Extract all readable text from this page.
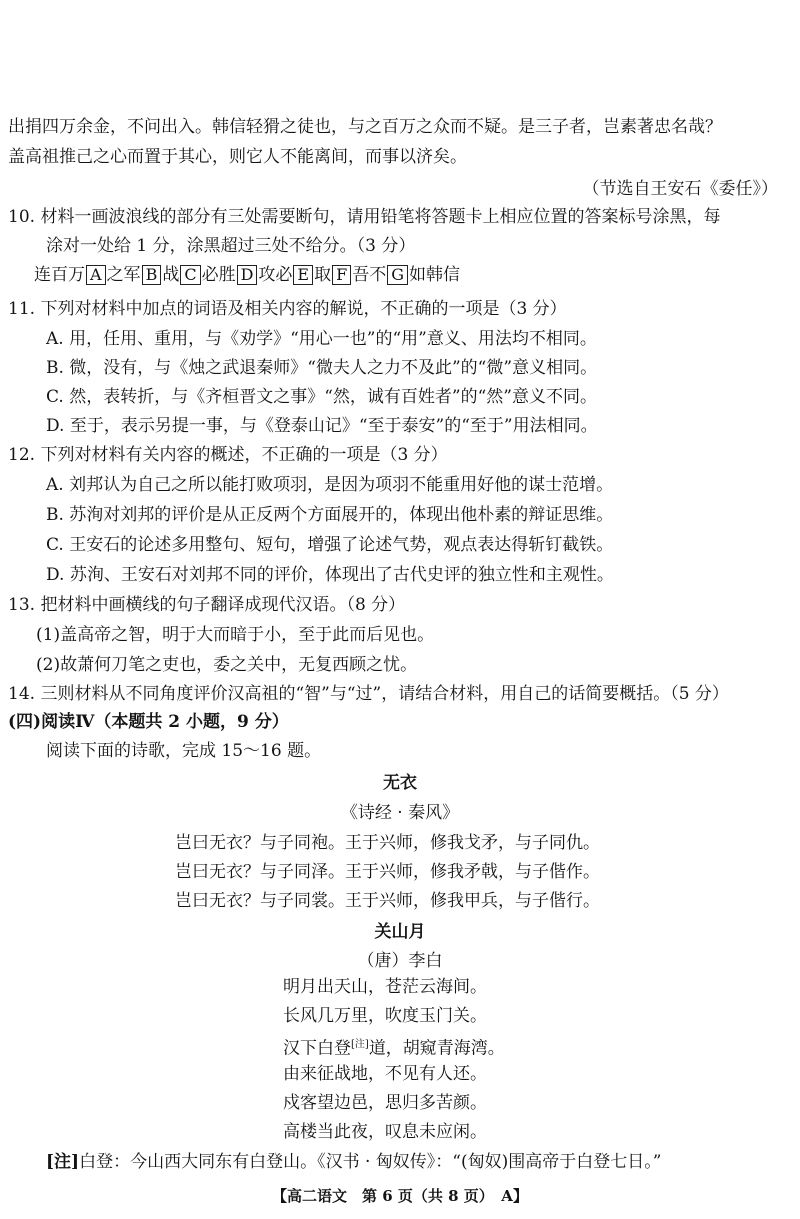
出捐四万余金，不问出入。韩信轻猾之徒也，与之百万之众而不疑。是三子者，岂素著忠名哉？
盖高祖推己之心而置于其心，则它人不能离间，而事以济矣。
（节选自王安石《委任》）
10. 材料一画波浪线的部分有三处需要断句，请用铅笔将答题卡上相应位置的答案标号涂黑，每
涂对一处给 1 分，涂黑超过三处不给分。（3 分）
连百万 A 之军 B 战 C 必胜 D 攻必 E 取 F 吾不 G 如韩信
11. 下列对材料中加点的词语及相关内容的解说，不正确的一项是（3 分）
A. 用，任用、重用，与《劝学》“用心一也”的“用”意义、用法均不相同。
B. 微，没有，与《烛之武退秦师》“微夫人之力不及此”的“微”意义相同。
C. 然，表转折，与《齐桓晋文之事》“然，诚有百姓者”的“然”意义不同。
D. 至于，表示另提一事，与《登泰山记》“至于泰安”的“至于”用法相同。
12. 下列对材料有关内容的概述，不正确的一项是（3 分）
A. 刘邦认为自己之所以能打败项羽，是因为项羽不能重用好他的谋士范增。
B. 苏洵对刘邦的评价是从正反两个方面展开的，体现出他朴素的辩证思维。
C. 王安石的论述多用整句、短句，增强了论述气势，观点表达得斩钉截铁。
D. 苏洵、王安石对刘邦不同的评价，体现出了古代史评的独立性和主观性。
13. 把材料中画横线的句子翻译成现代汉语。（8 分）
(1)盖高帝之智，明于大而暗于小，至于此而后见也。
(2)故萧何刀笔之吏也，委之关中，无复西顾之忧。
14. 三则材料从不同角度评价汉高祖的“智”与“过”，请结合材料，用自己的话简要概括。（5 分）
(四)阅读Ⅳ（本题共 2 小题，9 分）
阅读下面的诗歌，完成 15～16 题。
无衣
《诗经 · 秦风》
岂曰无衣？与子同袍。王于兴师，修我戈矛，与子同仇。
岂曰无衣？与子同泽。王于兴师，修我矛戟，与子偕作。
岂曰无衣？与子同裳。王于兴师，修我甲兵，与子偕行。
关山月
（唐）李白
明月出天山，苍茫云海间。
长风几万里，吹度玉门关。
汉下白登[注]道，胡窥青海湾。
由来征战地，不见有人还。
戍客望边邑，思归多苦颜。
高楼当此夜，叹息未应闲。
[注]白登：今山西大同东有白登山。《汉书 · 匈奴传》：“(匈奴)围高帝于白登七日。”
【高二语文　第 6 页（共 8 页）　A】
